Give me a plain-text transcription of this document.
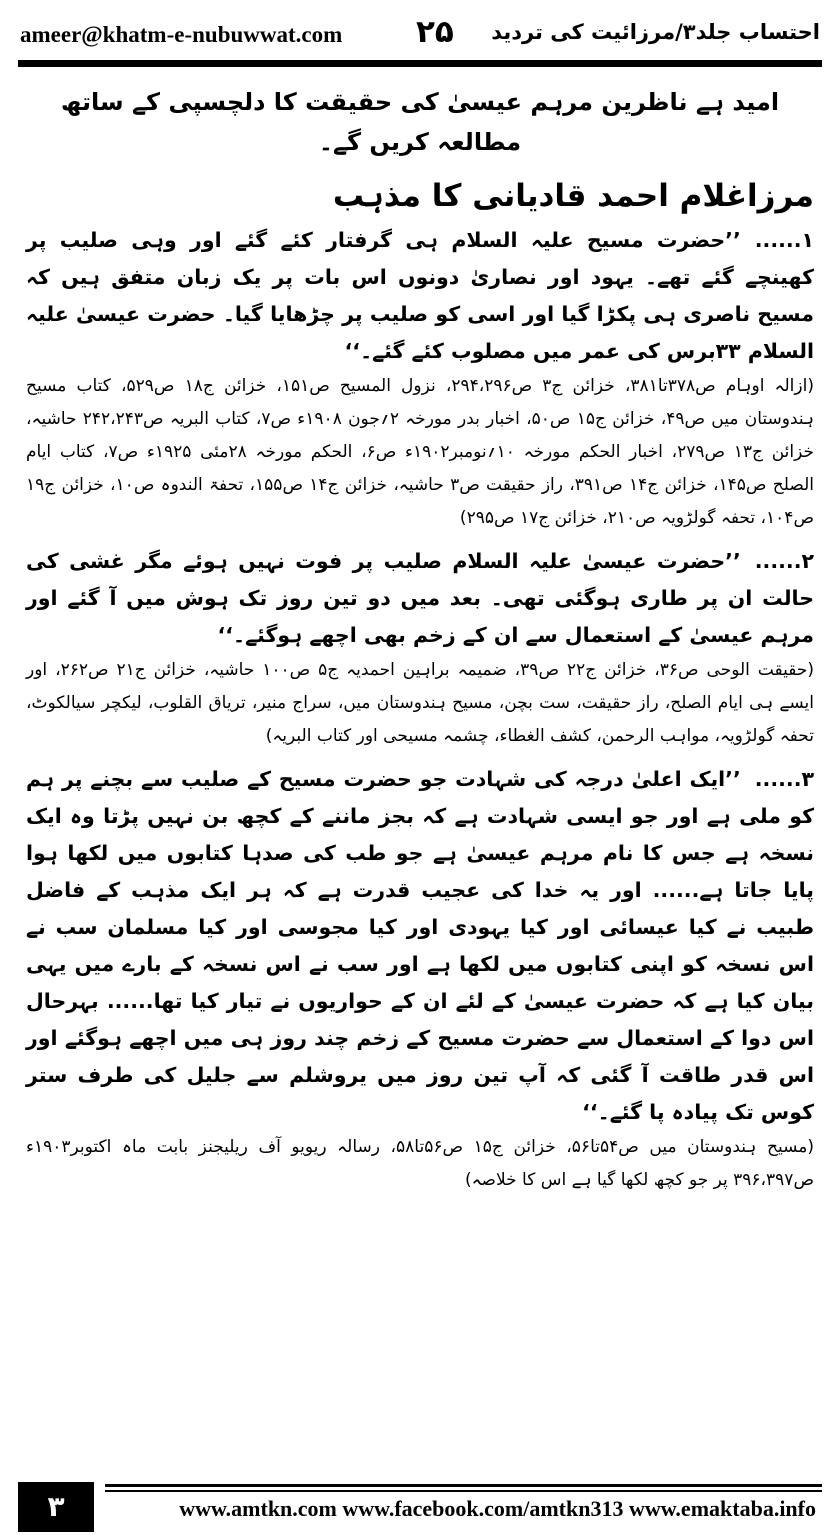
ameer@khatm-e-nubuwwat.com ۲۵ احتساب جلد۳/مرزائیت کی تردید

امید ہے ناظرین مرہم عیسیٰ کی حقیقت کا دلچسپی کے ساتھ مطالعہ کریں گے۔

مرزاغلام احمد قادیانی کا مذہب

۱......’’حضرت مسیح علیہ السلام ہی گرفتار کئے گئے اور وہی صلیب پر کھینچے گئے تھے۔ یہود اور نصاریٰ دونوں اس بات پر یک زبان متفق ہیں کہ مسیح ناصری ہی پکڑا گیا اور اسی کو صلیب پر چڑھایا گیا۔ حضرت عیسیٰ علیہ السلام ۳۳برس کی عمر میں مصلوب کئے گئے۔‘‘

(ازالہ اوہام ص۳۷۸تا۳۸۱، خزائن ج۳ ص۲۹۴،۲۹۶، نزول المسیح ص۱۵۱، خزائن ج۱۸ ص۵۲۹، کتاب مسیح ہندوستان میں ص۴۹، خزائن ج۱۵ ص۵۰، اخبار بدر مورخہ ۲؍جون ۱۹۰۸ء ص۷، کتاب البریہ ص۲۴۲،۲۴۳ حاشیہ، خزائن ج۱۳ ص۲۷۹، اخبار الحکم مورخہ ۱۰؍نومبر۱۹۰۲ء ص۶، الحکم مورخہ ۲۸مئی ۱۹۲۵ء ص۷، کتاب ایام الصلح ص۱۴۵، خزائن ج۱۴ ص۳۹۱، راز حقیقت ص۳ حاشیہ، خزائن ج۱۴ ص۱۵۵، تحفۃ الندوہ ص۱۰، خزائن ج۱۹ ص۱۰۴، تحفہ گولڑویہ ص۲۱۰، خزائن ج۱۷ ص۲۹۵)

۲......’’حضرت عیسیٰ علیہ السلام صلیب پر فوت نہیں ہوئے مگر غشی کی حالت ان پر طاری ہوگئی تھی۔ بعد میں دو تین روز تک ہوش میں آ گئے اور مرہم عیسیٰ کے استعمال سے ان کے زخم بھی اچھے ہوگئے۔‘‘

(حقیقت الوحی ص۳۶، خزائن ج۲۲ ص۳۹، ضمیمہ براہین احمدیہ ج۵ ص۱۰۰ حاشیہ، خزائن ج۲۱ ص۲۶۲، اور ایسے ہی ایام الصلح، راز حقیقت، ست بچن، مسیح ہندوستان میں، سراج منیر، تریاق القلوب، لیکچر سیالکوٹ، تحفہ گولڑویہ، مواہب الرحمن، کشف الغطاء، چشمہ مسیحی اور کتاب البریہ)

۳......’’ایک اعلیٰ درجہ کی شہادت جو حضرت مسیح کے صلیب سے بچنے پر ہم کو ملی ہے اور جو ایسی شہادت ہے کہ بجز ماننے کے کچھ بن نہیں پڑتا وہ ایک نسخہ ہے جس کا نام مرہم عیسیٰ ہے جو طب کی صدہا کتابوں میں لکھا ہوا پایا جاتا ہے...... اور یہ خدا کی عجیب قدرت ہے کہ ہر ایک مذہب کے فاضل طبیب نے کیا عیسائی اور کیا یہودی اور کیا مجوسی اور کیا مسلمان سب نے اس نسخہ کو اپنی کتابوں میں لکھا ہے اور سب نے اس نسخہ کے بارے میں یہی بیان کیا ہے کہ حضرت عیسیٰ کے لئے ان کے حواریوں نے تیار کیا تھا...... بہرحال اس دوا کے استعمال سے حضرت مسیح کے زخم چند روز ہی میں اچھے ہوگئے اور اس قدر طاقت آ گئی کہ آپ تین روز میں یروشلم سے جلیل کی طرف ستر کوس تک پیادہ پا گئے۔‘‘

(مسیح ہندوستان میں ص۵۴تا۵۶، خزائن ج۱۵ ص۵۶تا۵۸، رسالہ ریویو آف ریلیجنز بابت ماہ اکتوبر۱۹۰۳ء ص۳۹۶،۳۹۷ پر جو کچھ لکھا گیا ہے اس کا خلاصہ)

۳	www.amtkn.com www.facebook.com/amtkn313 www.emaktaba.info
